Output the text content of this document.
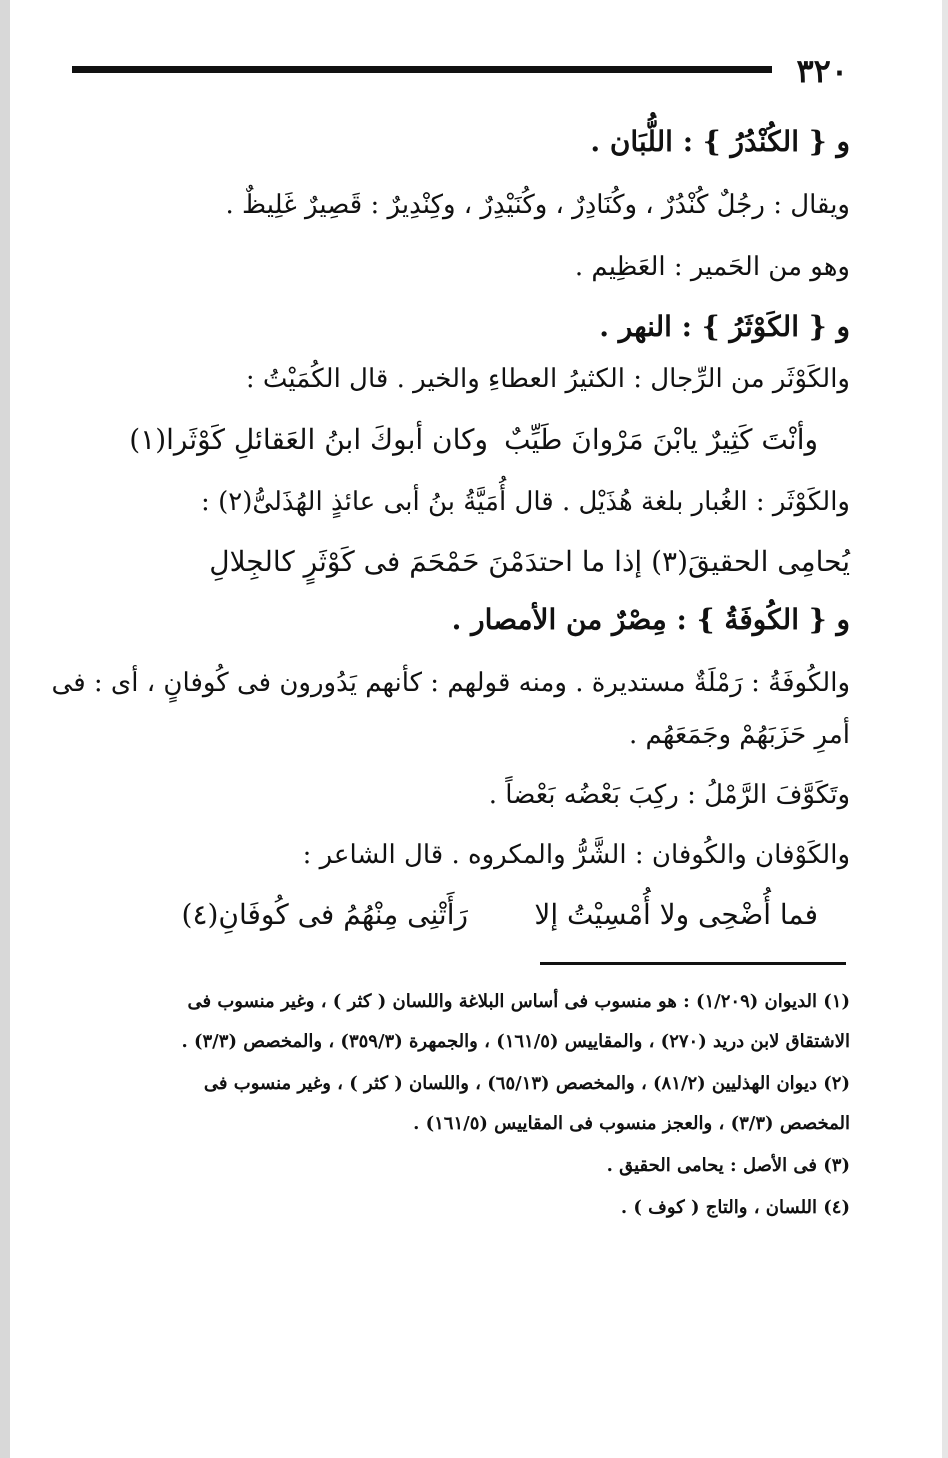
٣٢٠
و { الكُنْدُرُ } : اللُّبَان .
ويقال : رجُلٌ كُنْدُرٌ ، وكُنَادِرٌ ، وكُنَيْدِرٌ ، وكِنْدِيرٌ : قَصِيرٌ غَلِيظٌ .
وهو من الحَمير : العَظِيم .
و { الكَوْثَرُ } : النهر .
والكَوْثَر من الرِّجال : الكثيرُ العطاءِ والخير . قال الكُمَيْتُ :
وأنْتَ كَثِيرٌ يابْنَ مَرْوانَ طَيِّبٌ
وكان أبوكَ ابنُ العَقائلِ كَوْثَرا(١)
والكَوْثَر : الغُبار بلغة هُذَيْل . قال أُمَيَّةُ بنُ أبى عائذٍ الهُذَلىُّ(٢) :
يُحامِى الحقيقَ(٣) إذا ما احتدَمْنَ حَمْحَمَ فى كَوْثَرٍ كالجِلالِ
و { الكُوفَةُ } : مِصْرٌ من الأمصار .
والكُوفَةُ : رَمْلَةٌ مستديرة . ومنه قولهم : كأنهم يَدُورون فى كُوفانٍ ، أى : فى
أمرِ حَزَبَهُمْ وجَمَعَهُم .
وتَكَوَّفَ الرَّمْلُ : ركِبَ بَعْضُه بَعْضاً .
والكَوْفان والكُوفان : الشَّرُّ والمكروه . قال الشاعر :
فما أُضْحِى ولا أُمْسِيْتُ إلا
رَأَتْنِى مِنْهُمُ فى كُوفَانِ(٤)
(١) الديوان (١/٢٠٩) : هو منسوب فى أساس البلاغة واللسان ( كثر ) ، وغير منسوب فى
الاشتقاق لابن دريد (٢٧٠) ، والمقاييس (١٦١/٥) ، والجمهرة (٣٥٩/٣) ، والمخصص (٣/٣) .
(٢) ديوان الهذليين (٨١/٢) ، والمخصص (٦٥/١٣) ، واللسان ( كثر ) ، وغير منسوب فى
المخصص (٣/٣) ، والعجز منسوب فى المقاييس (١٦١/٥) .
(٣) فى الأصل : يحامى الحقيق .
(٤) اللسان ، والتاج ( كوف ) .
